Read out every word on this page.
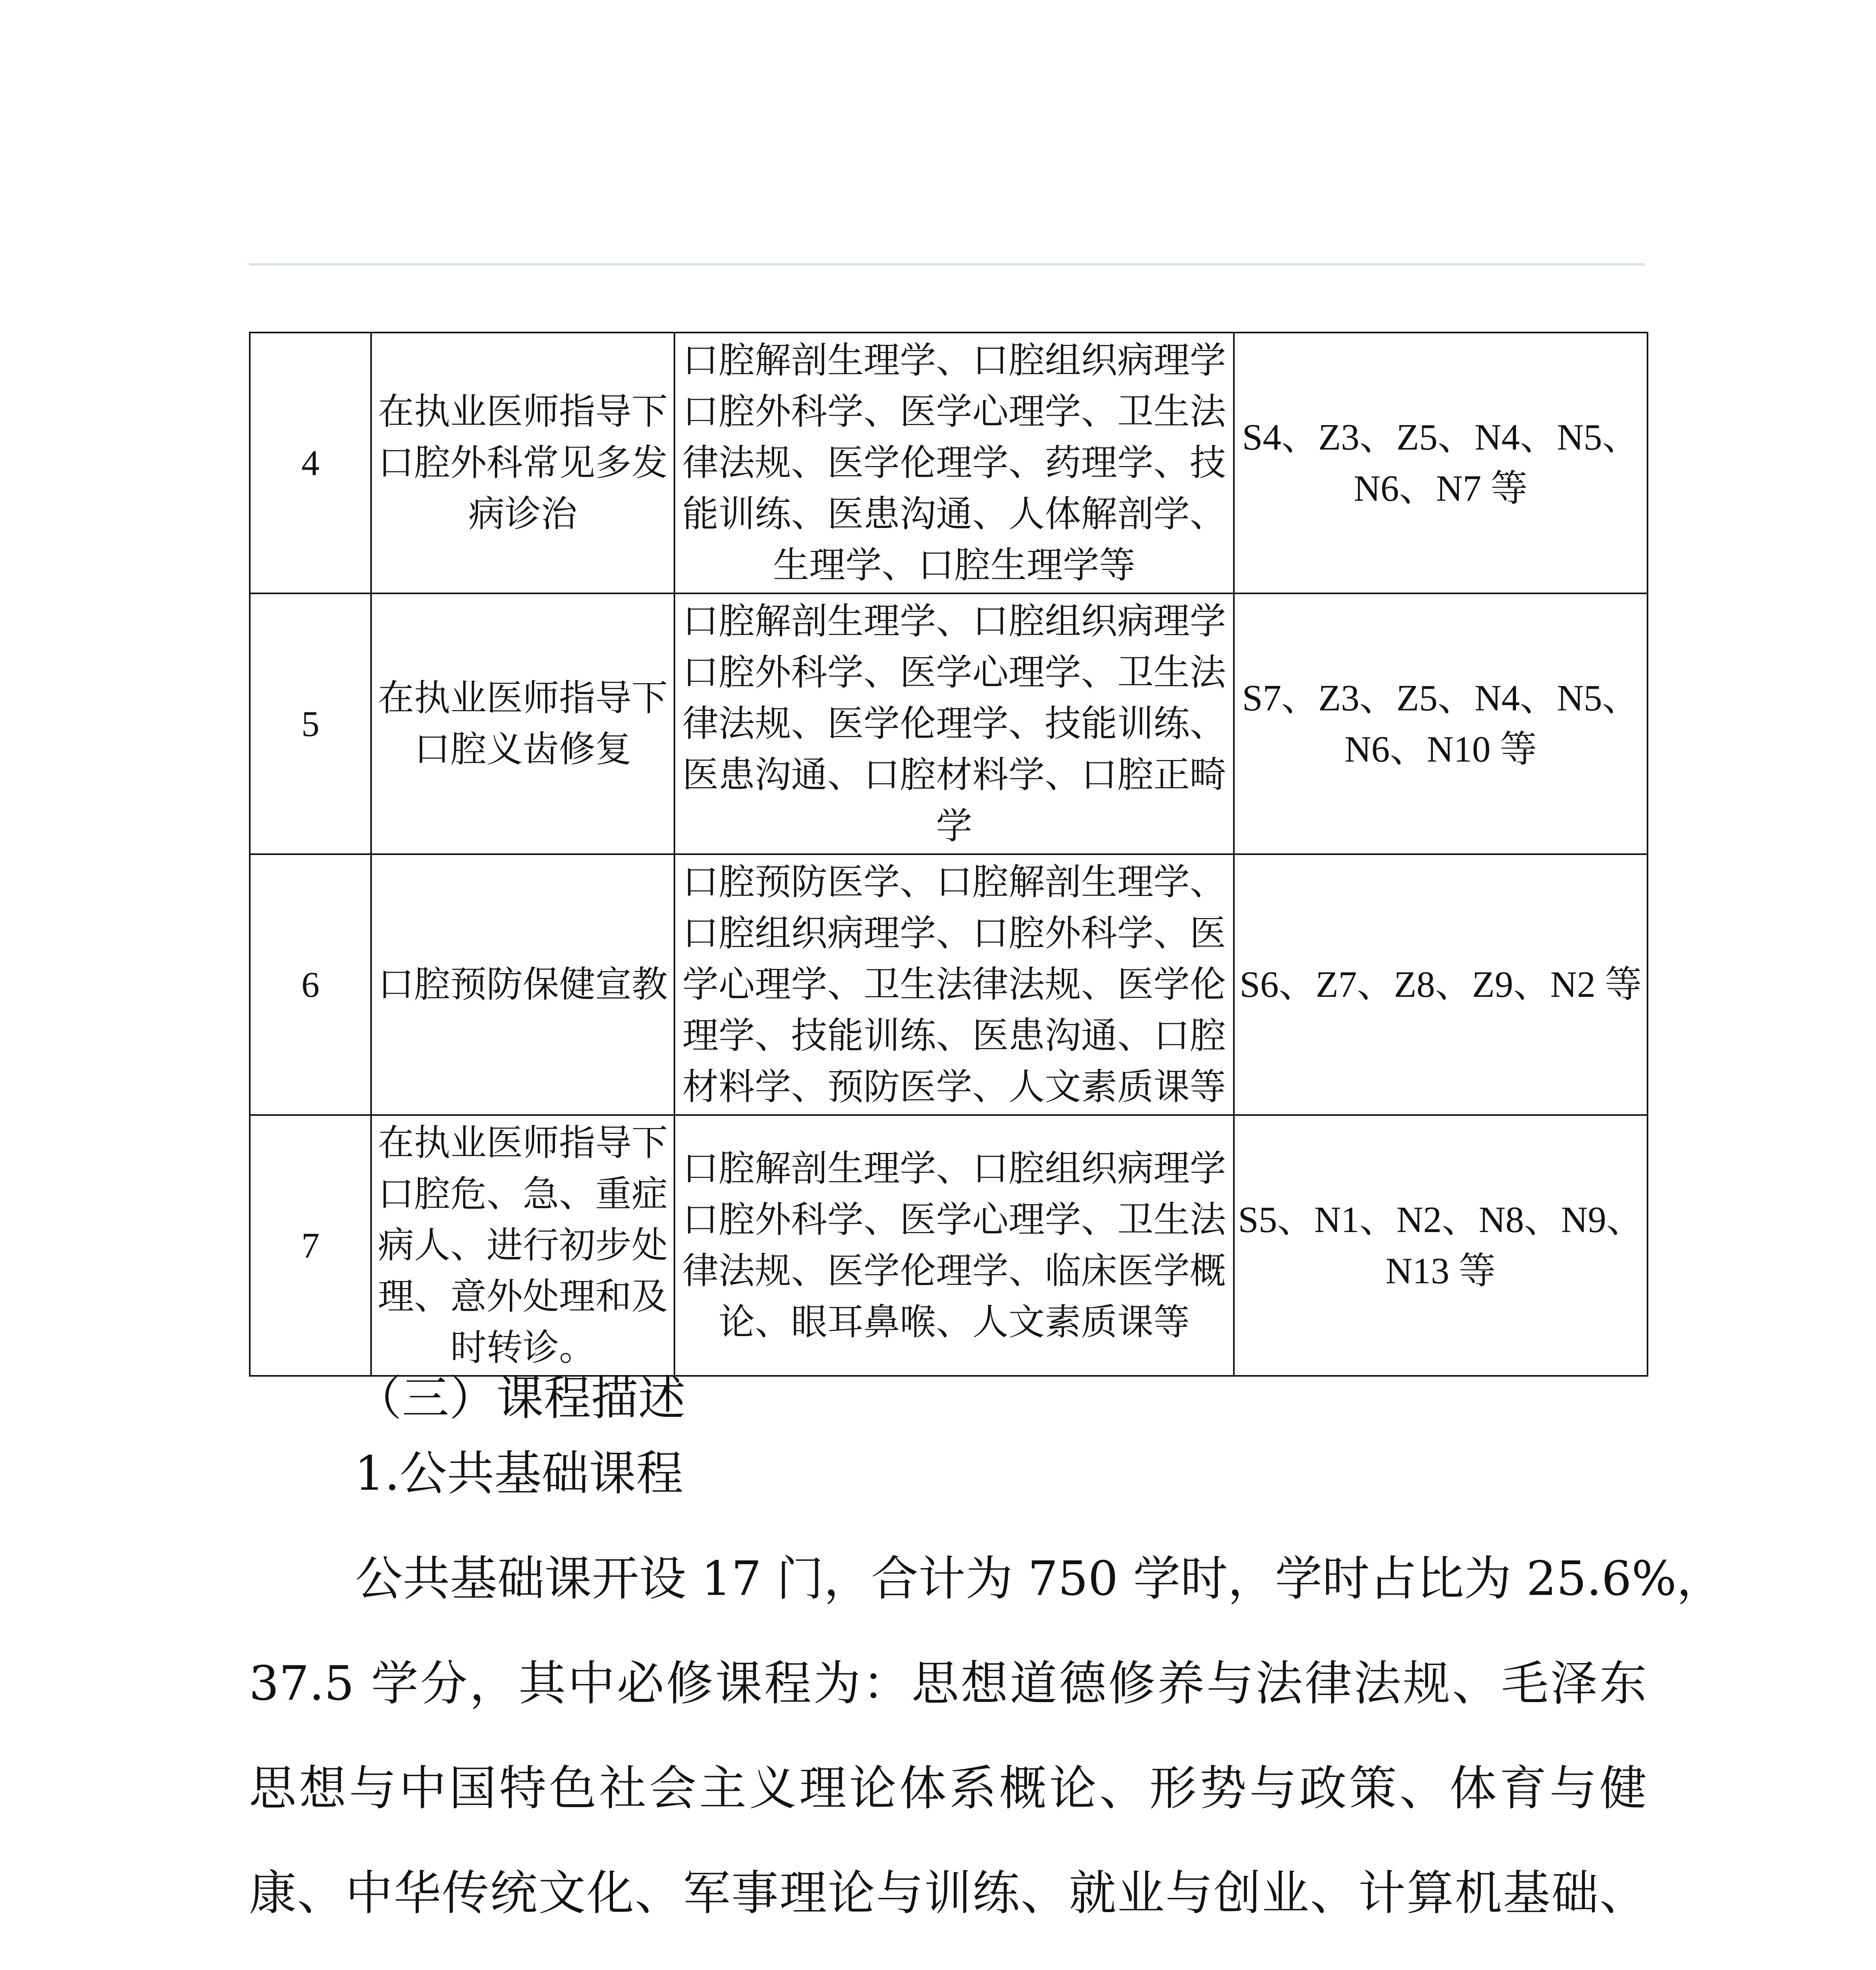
4	在执业医师指导下
口腔外科常见多发
病诊治	口腔解剖生理学、口腔组织病理学
口腔外科学、医学心理学、卫生法
律法规、医学伦理学、药理学、技
能训练、医患沟通、人体解剖学、
生理学、口腔生理学等	S4、Z3、Z5、N4、N5、
N6、N7 等

5	在执业医师指导下
口腔义齿修复	口腔解剖生理学、口腔组织病理学
口腔外科学、医学心理学、卫生法
律法规、医学伦理学、技能训练、
医患沟通、口腔材料学、口腔正畸
学	S7、Z3、Z5、N4、N5、
N6、N10 等

6	口腔预防保健宣教	口腔预防医学、口腔解剖生理学、
口腔组织病理学、口腔外科学、医
学心理学、卫生法律法规、医学伦
理学、技能训练、医患沟通、口腔
材料学、预防医学、人文素质课等	S6、Z7、Z8、Z9、N2 等

7	在执业医师指导下
口腔危、急、重症
病人、进行初步处
理、意外处理和及
时转诊。	口腔解剖生理学、口腔组织病理学
口腔外科学、医学心理学、卫生法
律法规、医学伦理学、临床医学概
论、眼耳鼻喉、人文素质课等	S5、N1、N2、N8、N9、
N13 等
（三）课程描述
1.公共基础课程
公共基础课开设 17 门，合计为 750 学时，学时占比为 25.6%，
37.5 学分，其中必修课程为：思想道德修养与法律法规、毛泽东
思想与中国特色社会主义理论体系概论、形势与政策、体育与健
康、中华传统文化、军事理论与训练、就业与创业、计算机基础、
